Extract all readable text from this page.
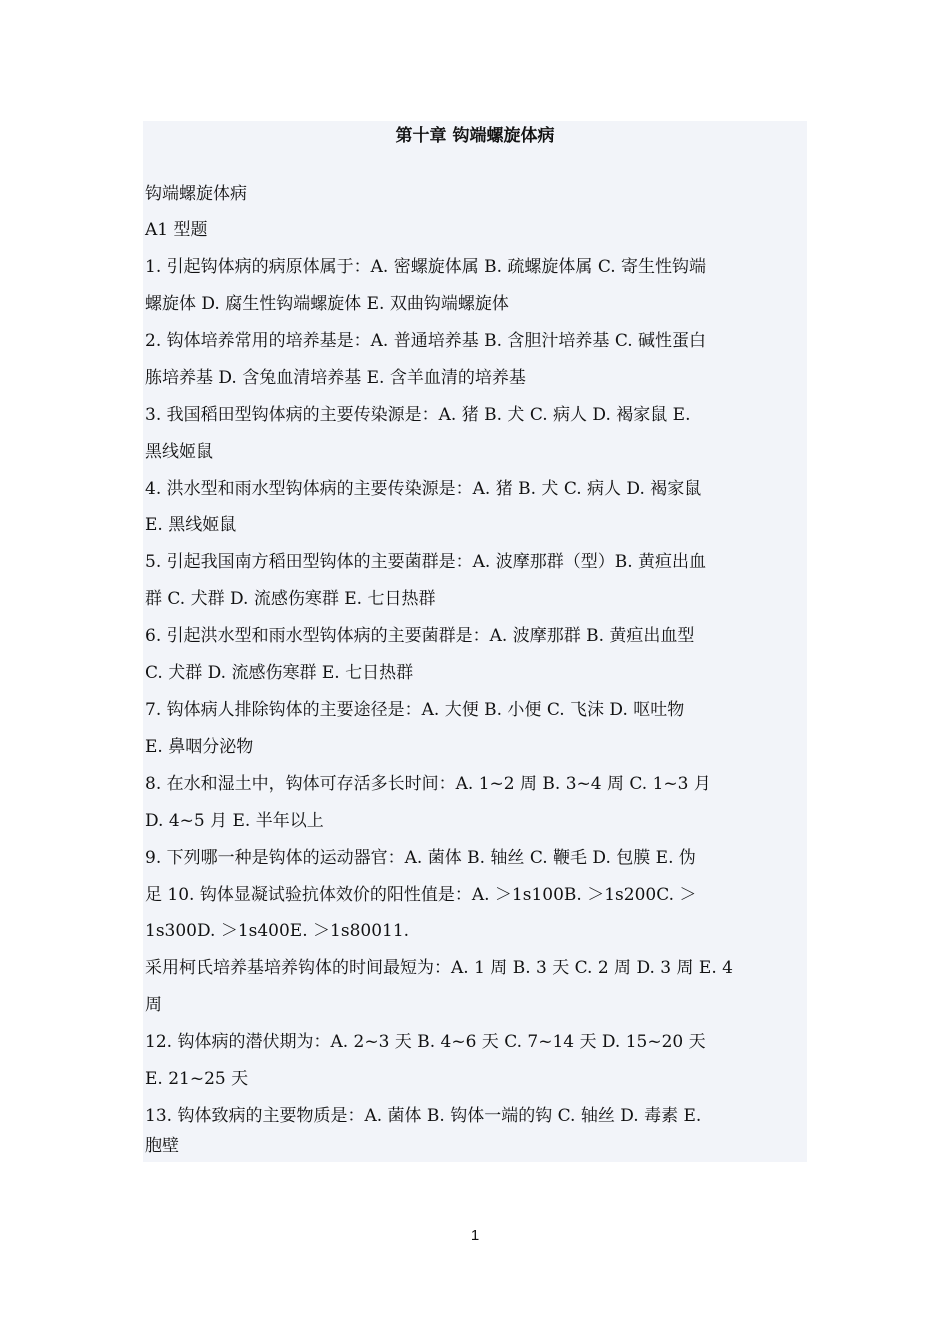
第十章 钩端螺旋体病

钩端螺旋体病

A1 型题

1. 引起钩体病的病原体属于：A. 密螺旋体属 B. 疏螺旋体属 C. 寄生性钩端

螺旋体 D. 腐生性钩端螺旋体 E. 双曲钩端螺旋体

2. 钩体培养常用的培养基是：A. 普通培养基 B. 含胆汁培养基 C. 碱性蛋白

胨培养基 D. 含兔血清培养基 E. 含羊血清的培养基

3. 我国稻田型钩体病的主要传染源是：A. 猪 B. 犬 C. 病人 D. 褐家鼠 E.

黑线姬鼠

4. 洪水型和雨水型钩体病的主要传染源是：A. 猪 B. 犬 C. 病人 D. 褐家鼠

E. 黑线姬鼠

5. 引起我国南方稻田型钩体的主要菌群是：A. 波摩那群（型）B. 黄疸出血

群 C. 犬群 D. 流感伤寒群 E. 七日热群

6. 引起洪水型和雨水型钩体病的主要菌群是：A. 波摩那群 B. 黄疸出血型

C. 犬群 D. 流感伤寒群 E. 七日热群

7. 钩体病人排除钩体的主要途径是：A. 大便 B. 小便 C. 飞沫 D. 呕吐物

E. 鼻咽分泌物

8. 在水和湿土中，钩体可存活多长时间：A. 1~2 周 B. 3~4 周 C. 1~3 月

D. 4~5 月 E. 半年以上

9. 下列哪一种是钩体的运动器官：A. 菌体 B. 轴丝 C. 鞭毛 D. 包膜 E. 伪

足 10. 钩体显凝试验抗体效价的阳性值是：A. ＞1s100B. ＞1s200C. ＞

1s300D. ＞1s400E. ＞1s80011.

采用柯氏培养基培养钩体的时间最短为：A. 1 周 B. 3 天 C. 2 周 D. 3 周 E. 4

周

12. 钩体病的潜伏期为：A. 2~3 天 B. 4~6 天 C. 7~14 天 D. 15~20 天

E. 21~25 天

13. 钩体致病的主要物质是：A. 菌体 B. 钩体一端的钩 C. 轴丝 D. 毒素 E.

胞壁

1
